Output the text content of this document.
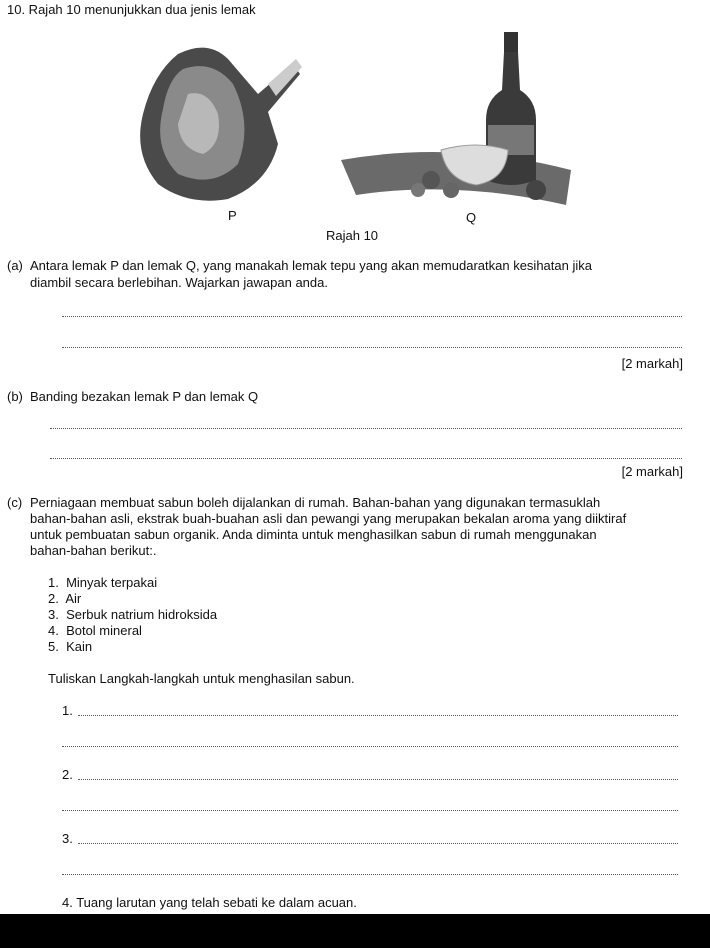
10. Rajah 10 menunjukkan dua jenis lemak
P	Q
Rajah 10
(a) Antara lemak P dan lemak Q, yang manakah lemak tepu yang akan memudaratkan kesihatan jika
diambil secara berlebihan. Wajarkan jawapan anda.
[2 markah]
(b) Banding bezakan lemak P dan lemak Q
[2 markah]
(c) Perniagaan membuat sabun boleh dijalankan di rumah. Bahan-bahan yang digunakan termasuklah
bahan-bahan asli, ekstrak buah-buahan asli dan pewangi yang merupakan bekalan aroma yang diiktiraf
untuk pembuatan sabun organik. Anda diminta untuk menghasilkan sabun di rumah menggunakan
bahan-bahan berikut:.
1.  Minyak terpakai
2.  Air
3.  Serbuk natrium hidroksida
4.  Botol mineral
5.  Kain
Tuliskan Langkah-langkah untuk menghasilan sabun.
1.
2.
3.
4. Tuang larutan yang telah sebati ke dalam acuan.
